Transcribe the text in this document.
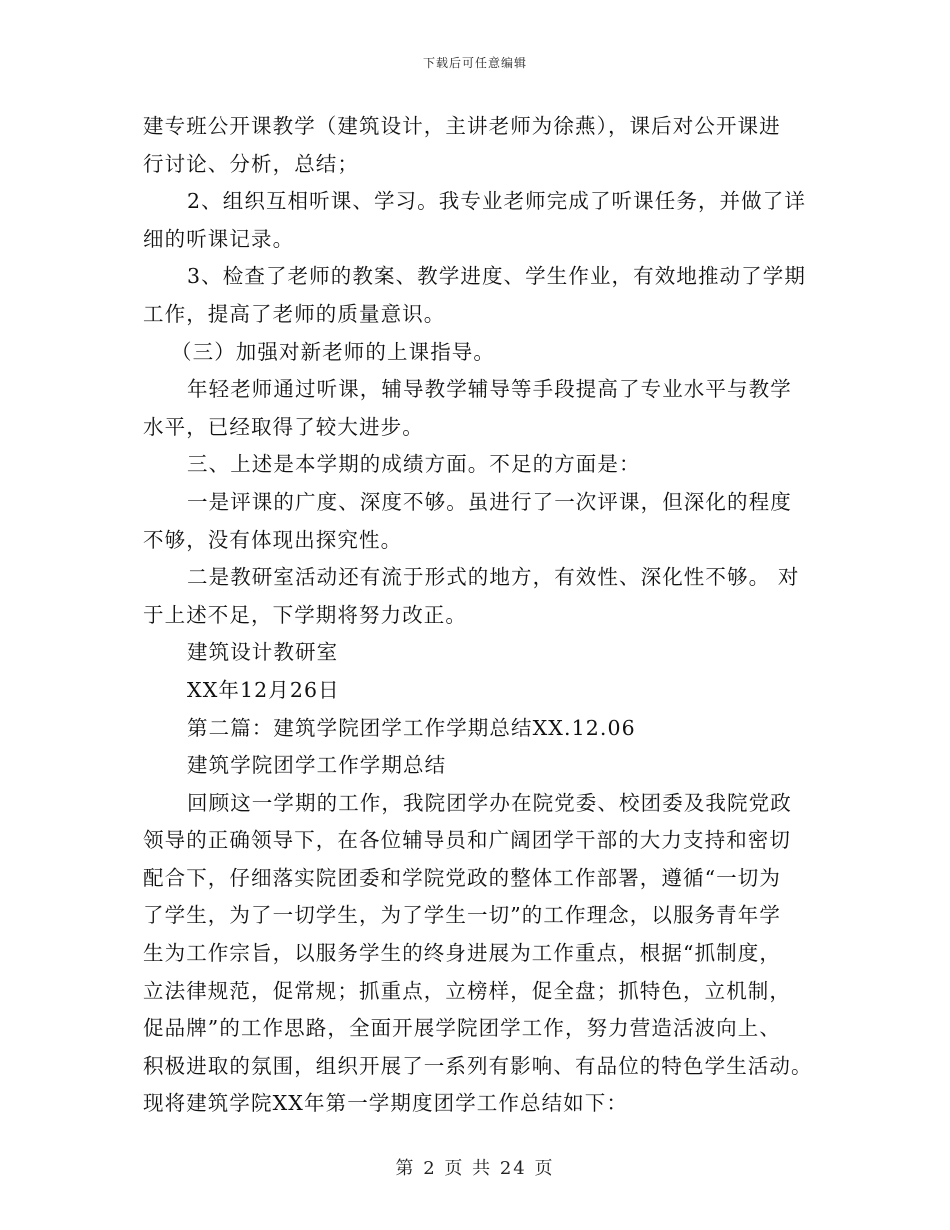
下载后可任意编辑
建专班公开课教学（建筑设计，主讲老师为徐燕），课后对公开课进
行讨论、分析，总结；
2、组织互相听课、学习。我专业老师完成了听课任务，并做了详
细的听课记录。
3、检查了老师的教案、教学进度、学生作业，有效地推动了学期
工作，提高了老师的质量意识。
（三）加强对新老师的上课指导。
年轻老师通过听课，辅导教学辅导等手段提高了专业水平与教学
水平，已经取得了较大进步。
三、上述是本学期的成绩方面。不足的方面是：
一是评课的广度、深度不够。虽进行了一次评课，但深化的程度
不够，没有体现出探究性。
二是教研室活动还有流于形式的地方，有效性、深化性不够。 对
于上述不足，下学期将努力改正。
建筑设计教研室
XX年12月26日
第二篇：建筑学院团学工作学期总结XX.12.06
建筑学院团学工作学期总结
回顾这一学期的工作，我院团学办在院党委、校团委及我院党政
领导的正确领导下，在各位辅导员和广阔团学干部的大力支持和密切
配合下，仔细落实院团委和学院党政的整体工作部署，遵循“一切为
了学生，为了一切学生，为了学生一切”的工作理念，以服务青年学
生为工作宗旨，以服务学生的终身进展为工作重点，根据“抓制度，
立法律规范，促常规；抓重点，立榜样，促全盘；抓特色，立机制，
促品牌”的工作思路，全面开展学院团学工作，努力营造活波向上、
积极进取的氛围，组织开展了一系列有影响、有品位的特色学生活动。
现将建筑学院XX年第一学期度团学工作总结如下：
第 2 页 共 24 页
